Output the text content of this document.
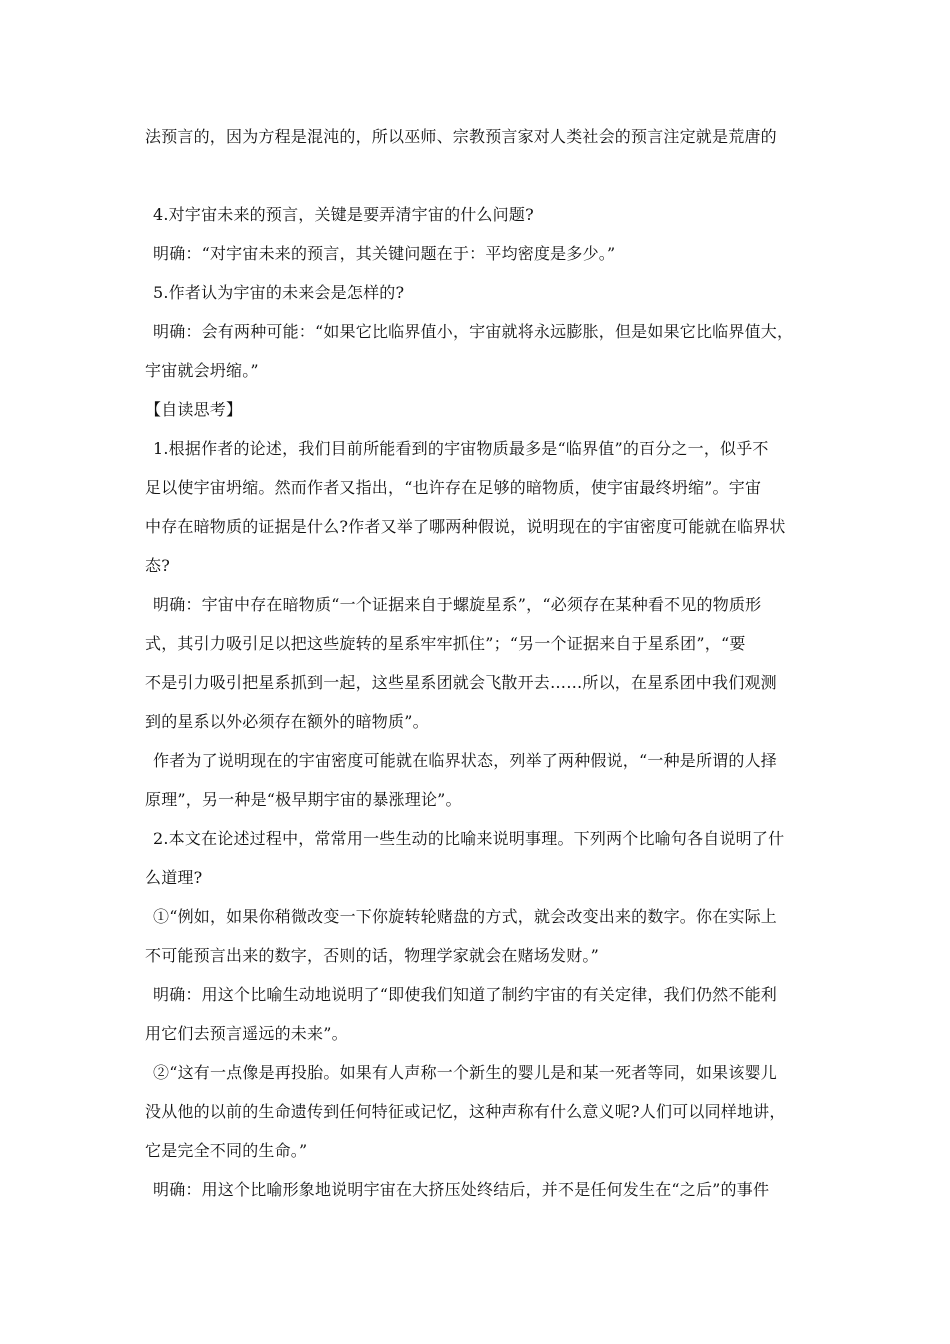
法预言的，因为方程是混沌的，所以巫师、宗教预言家对人类社会的预言注定就是荒唐的
4.对宇宙未来的预言，关键是要弄清宇宙的什么问题?
明确：“对宇宙未来的预言，其关键问题在于：平均密度是多少。”
5.作者认为宇宙的未来会是怎样的?
明确：会有两种可能：“如果它比临界值小，宇宙就将永远膨胀，但是如果它比临界值大，
宇宙就会坍缩。”
【自读思考】
1.根据作者的论述，我们目前所能看到的宇宙物质最多是“临界值”的百分之一，似乎不
足以使宇宙坍缩。然而作者又指出，“也许存在足够的暗物质，使宇宙最终坍缩”。宇宙
中存在暗物质的证据是什么?作者又举了哪两种假说，说明现在的宇宙密度可能就在临界状
态?
明确：宇宙中存在暗物质“一个证据来自于螺旋星系”，“必须存在某种看不见的物质形
式，其引力吸引足以把这些旋转的星系牢牢抓住”；“另一个证据来自于星系团”，“要
不是引力吸引把星系抓到一起，这些星系团就会飞散开去……所以，在星系团中我们观测
到的星系以外必须存在额外的暗物质”。
作者为了说明现在的宇宙密度可能就在临界状态，列举了两种假说，“一种是所谓的人择
原理”，另一种是“极早期宇宙的暴涨理论”。
2.本文在论述过程中，常常用一些生动的比喻来说明事理。下列两个比喻句各自说明了什
么道理?
①“例如，如果你稍微改变一下你旋转轮赌盘的方式，就会改变出来的数字。你在实际上
不可能预言出来的数字，否则的话，物理学家就会在赌场发财。”
明确：用这个比喻生动地说明了“即使我们知道了制约宇宙的有关定律，我们仍然不能利
用它们去预言遥远的未来”。
②“这有一点像是再投胎。如果有人声称一个新生的婴儿是和某一死者等同，如果该婴儿
没从他的以前的生命遗传到任何特征或记忆，这种声称有什么意义呢?人们可以同样地讲，
它是完全不同的生命。”
明确：用这个比喻形象地说明宇宙在大挤压处终结后，并不是任何发生在“之后”的事件
